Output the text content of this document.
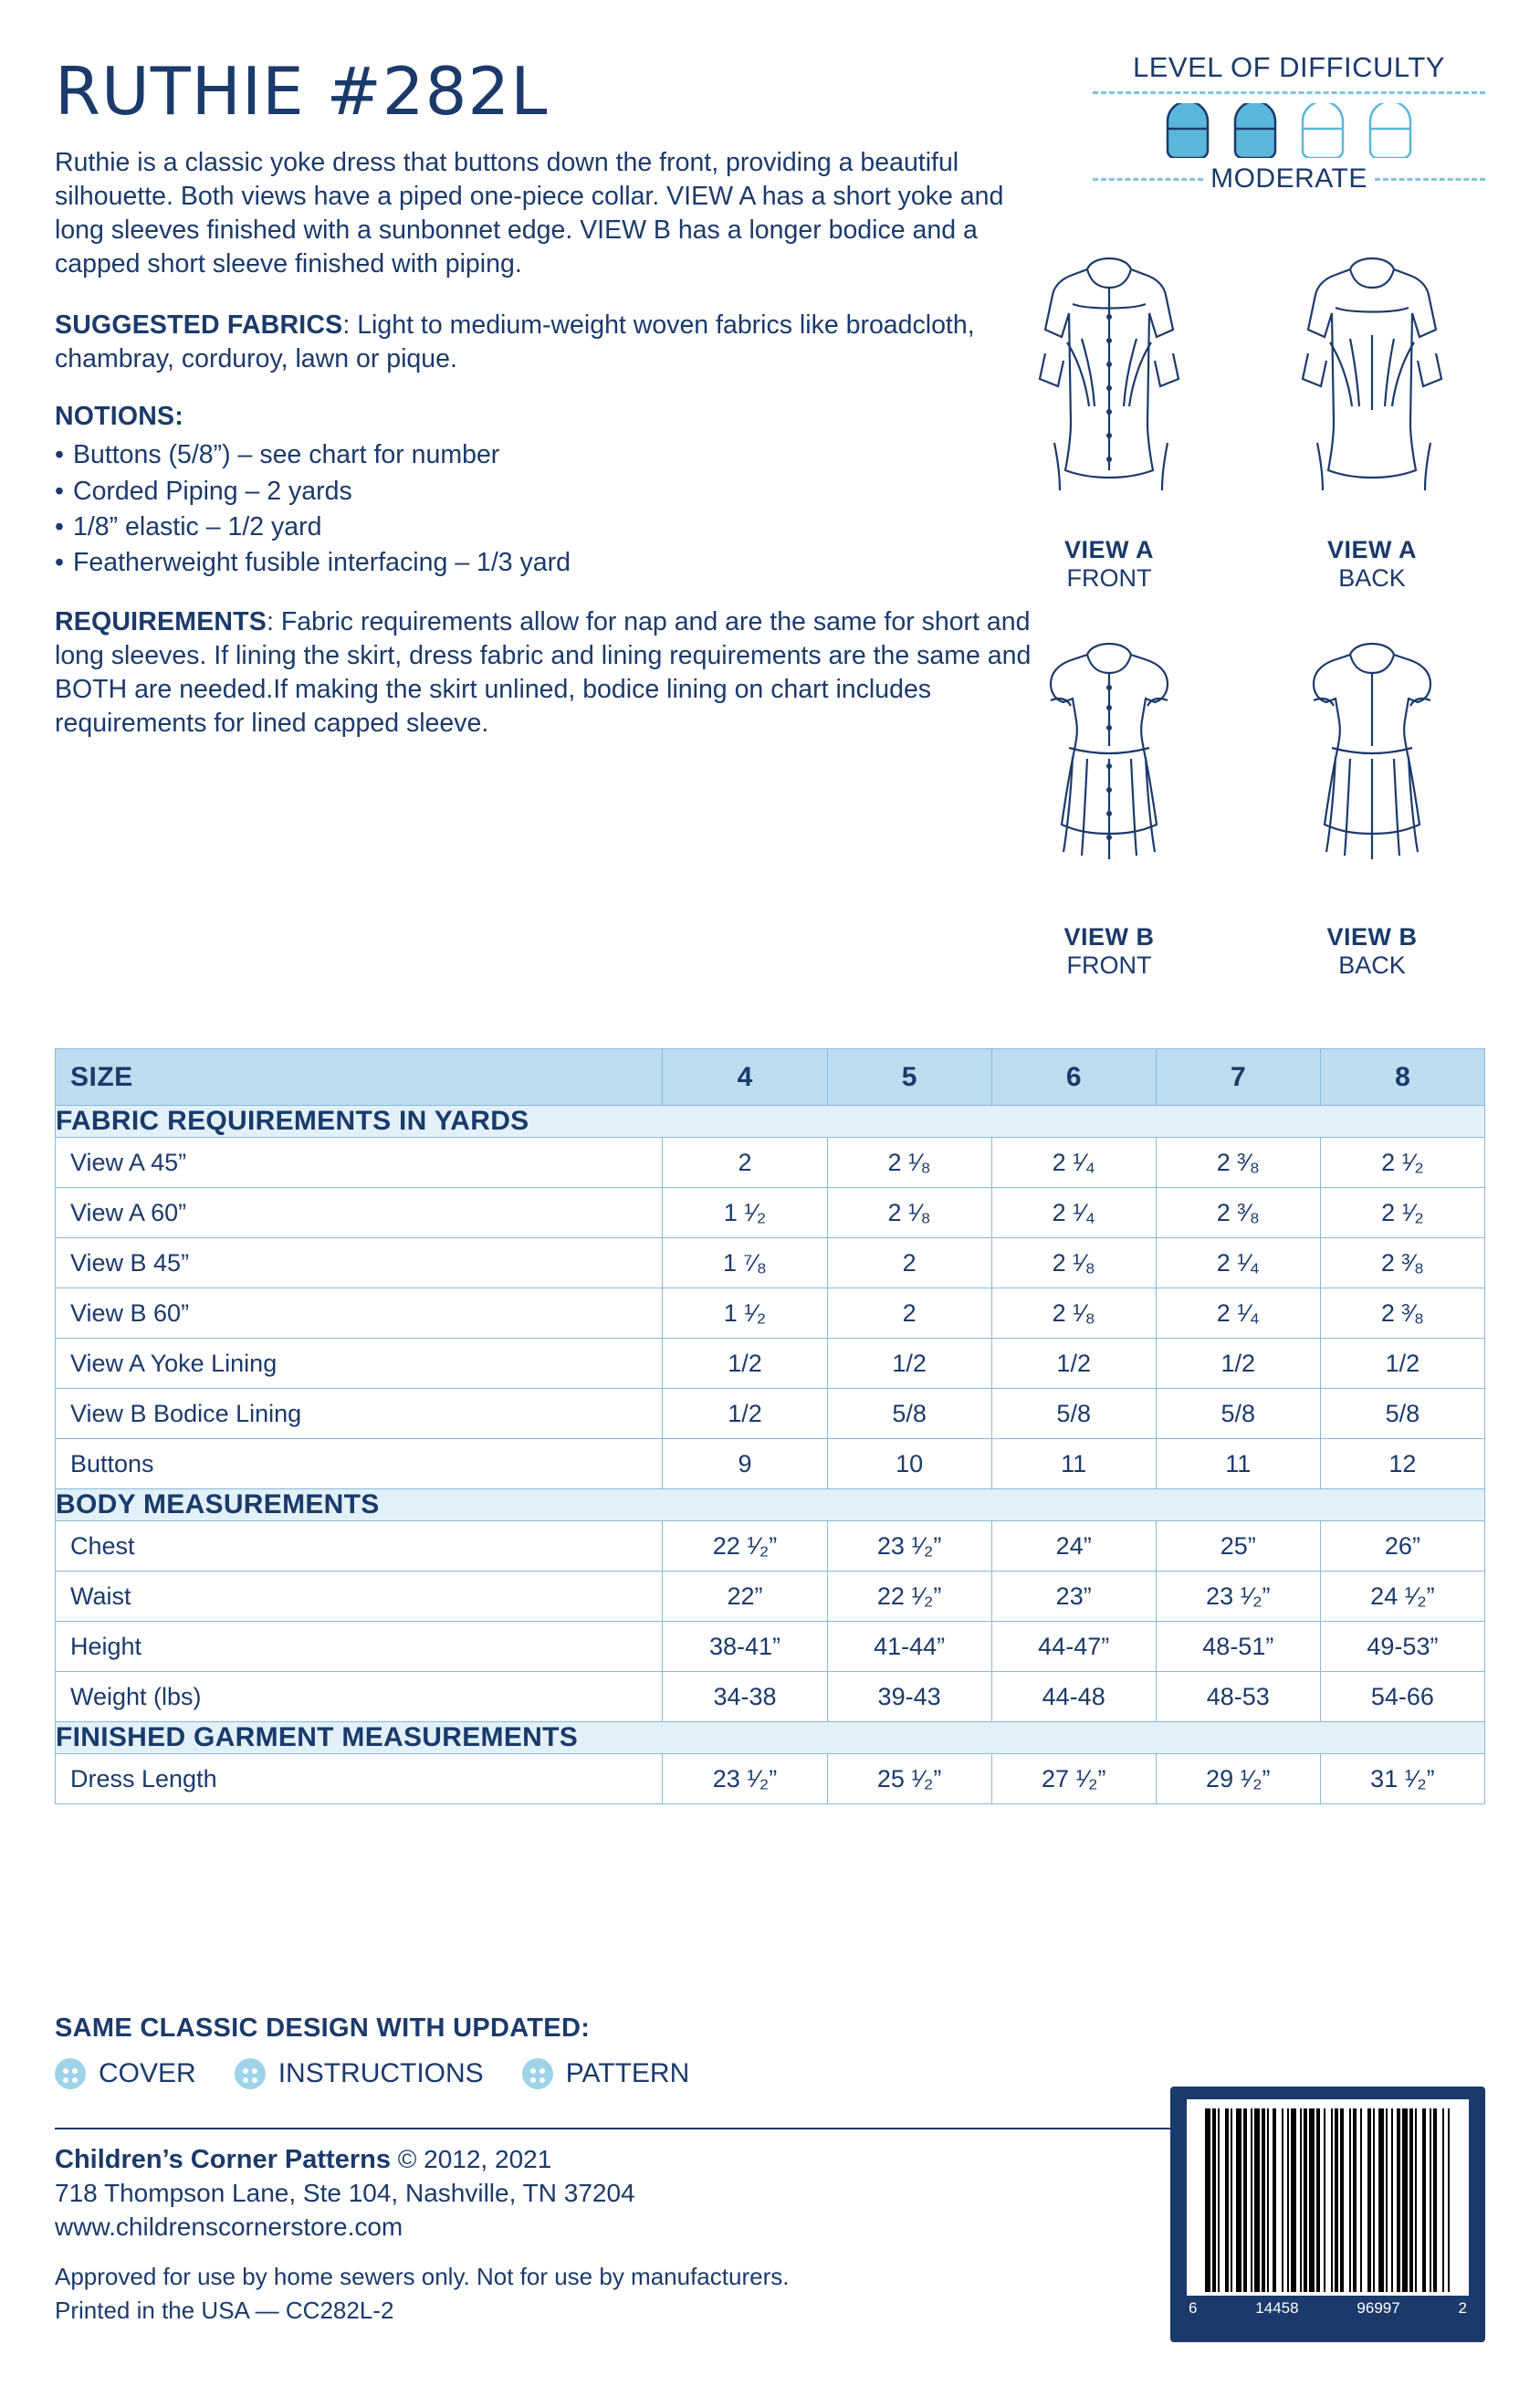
RUTHIE #282L
Ruthie is a classic yoke dress that buttons down the front, providing a beautiful silhouette. Both views have a piped one-piece collar. VIEW A has a short yoke and long sleeves finished with a sunbonnet edge. VIEW B has a longer bodice and a capped short sleeve finished with piping.
SUGGESTED FABRICS: Light to medium-weight woven fabrics like broadcloth, chambray, corduroy, lawn or pique.
NOTIONS:
• Buttons (5/8”) – see chart for number
• Corded Piping – 2 yards
• 1/8” elastic – 1/2 yard
• Featherweight fusible interfacing – 1/3 yard
REQUIREMENTS: Fabric requirements allow for nap and are the same for short and long sleeves. If lining the skirt, dress fabric and lining requirements are the same and BOTH are needed.If making the skirt unlined, bodice lining on chart includes requirements for lined capped sleeve.
LEVEL OF DIFFICULTY
MODERATE
VIEW A
FRONT
VIEW A
BACK
VIEW B
FRONT
VIEW B
BACK
SIZE	4	5	6	7	8
FABRIC REQUIREMENTS IN YARDS					
View A 45”	2	2 ¹⁄₈	2 ¹⁄₄	2 ³⁄₈	2 ¹⁄₂
View A 60”	1 ¹⁄₂	2 ¹⁄₈	2 ¹⁄₄	2 ³⁄₈	2 ¹⁄₂
View B 45”	1 ⁷⁄₈	2	2 ¹⁄₈	2 ¹⁄₄	2 ³⁄₈
View B 60”	1 ¹⁄₂	2	2 ¹⁄₈	2 ¹⁄₄	2 ³⁄₈
View A Yoke Lining	1/2	1/2	1/2	1/2	1/2
View B Bodice Lining	1/2	5/8	5/8	5/8	5/8
Buttons	9	10	11	11	12
BODY MEASUREMENTS					
Chest	22 ¹⁄₂”	23 ¹⁄₂”	24”	25”	26”
Waist	22”	22 ¹⁄₂”	23”	23 ¹⁄₂”	24 ¹⁄₂”
Height	38-41”	41-44”	44-47”	48-51”	49-53”
Weight (lbs)	34-38	39-43	44-48	48-53	54-66
FINISHED GARMENT MEASUREMENTS					
Dress Length	23 ¹⁄₂”	25 ¹⁄₂”	27 ¹⁄₂”	29 ¹⁄₂”	31 ¹⁄₂”
SAME CLASSIC DESIGN WITH UPDATED:
COVER	INSTRUCTIONS	PATTERN
Children’s Corner Patterns © 2012, 2021
718 Thompson Lane, Ste 104, Nashville, TN 37204
www.childrenscornerstore.com
Approved for use by home sewers only. Not for use by manufacturers.
Printed in the USA — CC282L-2	6	14458	96997	2
